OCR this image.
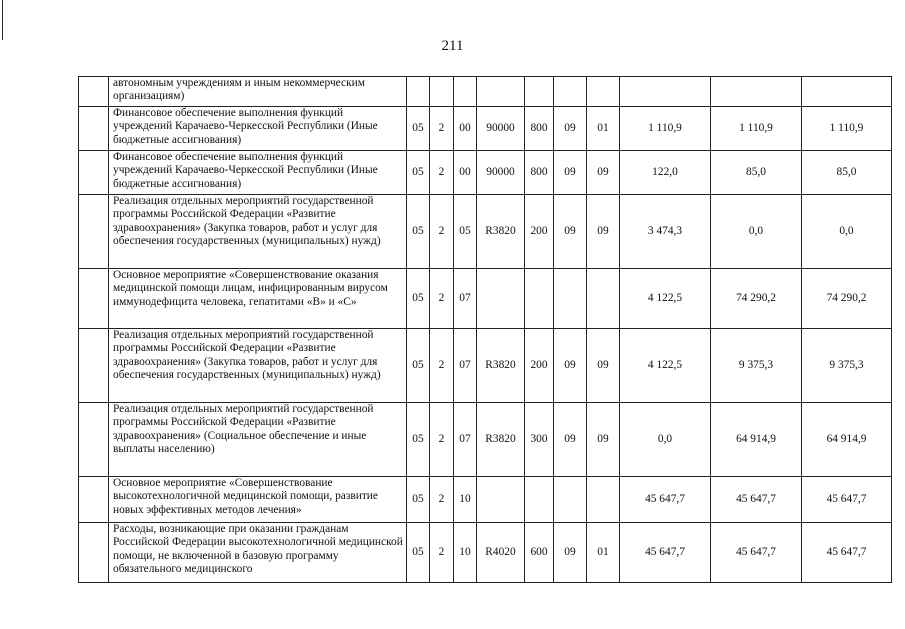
211
	автономным учреждениям и иным некоммерческим организациям)										
	Финансовое обеспечение выполнения функций учреждений Карачаево-Черкесской Республики (Иные бюджетные ассигнования)	05	2	00	90000	800	09	01	1 110,9	1 110,9	1 110,9
	Финансовое обеспечение выполнения функций учреждений Карачаево-Черкесской Республики (Иные бюджетные ассигнования)	05	2	00	90000	800	09	09	122,0	85,0	85,0
	Реализация отдельных мероприятий государственной программы Российской Федерации «Развитие здравоохранения» (Закупка товаров, работ и услуг для обеспечения государственных (муниципальных) нужд)	05	2	05	R3820	200	09	09	3 474,3	0,0	0,0
	Основное мероприятие «Совершенствование оказания медицинской помощи лицам, инфицированным вирусом иммунодефицита человека, гепатитами «В» и «С»	05	2	07					4 122,5	74 290,2	74 290,2
	Реализация отдельных мероприятий государственной программы Российской Федерации «Развитие здравоохранения» (Закупка товаров, работ и услуг для обеспечения государственных (муниципальных) нужд)	05	2	07	R3820	200	09	09	4 122,5	9 375,3	9 375,3
	Реализация отдельных мероприятий государственной программы Российской Федерации «Развитие здравоохранения» (Социальное обеспечение и иные выплаты населению)	05	2	07	R3820	300	09	09	0,0	64 914,9	64 914,9
	Основное мероприятие «Совершенствование высокотехнологичной медицинской помощи, развитие новых эффективных методов лечения»	05	2	10					45 647,7	45 647,7	45 647,7
	Расходы, возникающие при оказании гражданам Российской Федерации высокотехнологичной медицинской помощи, не включенной в базовую программу обязательного медицинского	05	2	10	R4020	600	09	01	45 647,7	45 647,7	45 647,7
